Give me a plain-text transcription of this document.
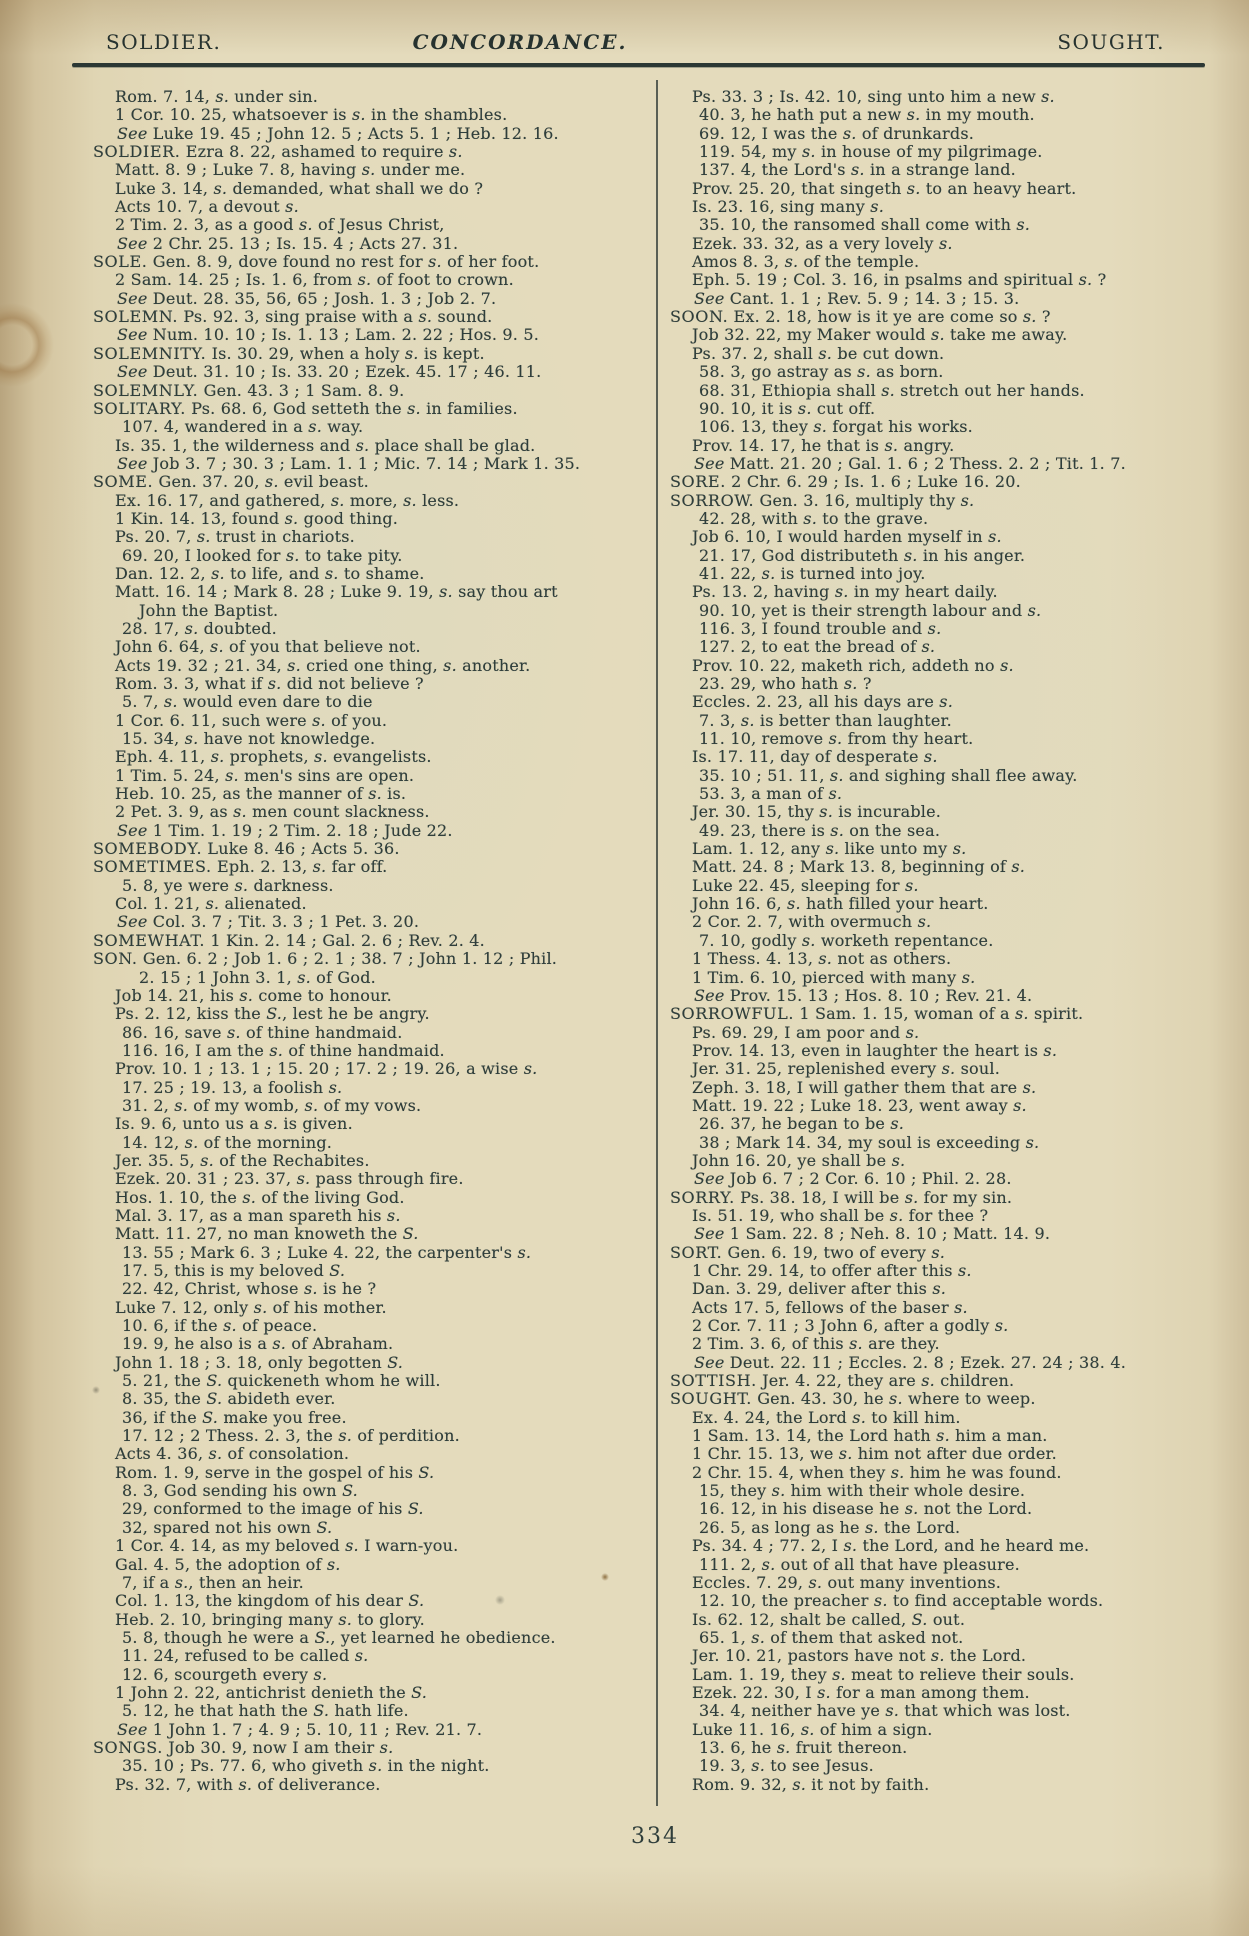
SOLDIER.	CONCORDANCE.	SOUGHT.
Rom. 7. 14, s. under sin.
1 Cor. 10. 25, whatsoever is s. in the shambles.
See Luke 19. 45 ; John 12. 5 ; Acts 5. 1 ; Heb. 12. 16.
SOLDIER. Ezra 8. 22, ashamed to require s.
Matt. 8. 9 ; Luke 7. 8, having s. under me.
Luke 3. 14, s. demanded, what shall we do ?
Acts 10. 7, a devout s.
2 Tim. 2. 3, as a good s. of Jesus Christ,
See 2 Chr. 25. 13 ; Is. 15. 4 ; Acts 27. 31.
SOLE. Gen. 8. 9, dove found no rest for s. of her foot.
2 Sam. 14. 25 ; Is. 1. 6, from s. of foot to crown.
See Deut. 28. 35, 56, 65 ; Josh. 1. 3 ; Job 2. 7.
SOLEMN. Ps. 92. 3, sing praise with a s. sound.
See Num. 10. 10 ; Is. 1. 13 ; Lam. 2. 22 ; Hos. 9. 5.
SOLEMNITY. Is. 30. 29, when a holy s. is kept.
See Deut. 31. 10 ; Is. 33. 20 ; Ezek. 45. 17 ; 46. 11.
SOLEMNLY. Gen. 43. 3 ; 1 Sam. 8. 9.
SOLITARY. Ps. 68. 6, God setteth the s. in families.
107. 4, wandered in a s. way.
Is. 35. 1, the wilderness and s. place shall be glad.
See Job 3. 7 ; 30. 3 ; Lam. 1. 1 ; Mic. 7. 14 ; Mark 1. 35.
SOME. Gen. 37. 20, s. evil beast.
Ex. 16. 17, and gathered, s. more, s. less.
1 Kin. 14. 13, found s. good thing.
Ps. 20. 7, s. trust in chariots.
69. 20, I looked for s. to take pity.
Dan. 12. 2, s. to life, and s. to shame.
Matt. 16. 14 ; Mark 8. 28 ; Luke 9. 19, s. say thou art
John the Baptist.
28. 17, s. doubted.
John 6. 64, s. of you that believe not.
Acts 19. 32 ; 21. 34, s. cried one thing, s. another.
Rom. 3. 3, what if s. did not believe ?
5. 7, s. would even dare to die
1 Cor. 6. 11, such were s. of you.
15. 34, s. have not knowledge.
Eph. 4. 11, s. prophets, s. evangelists.
1 Tim. 5. 24, s. men's sins are open.
Heb. 10. 25, as the manner of s. is.
2 Pet. 3. 9, as s. men count slackness.
See 1 Tim. 1. 19 ; 2 Tim. 2. 18 ; Jude 22.
SOMEBODY. Luke 8. 46 ; Acts 5. 36.
SOMETIMES. Eph. 2. 13, s. far off.
5. 8, ye were s. darkness.
Col. 1. 21, s. alienated.
See Col. 3. 7 ; Tit. 3. 3 ; 1 Pet. 3. 20.
SOMEWHAT. 1 Kin. 2. 14 ; Gal. 2. 6 ; Rev. 2. 4.
SON. Gen. 6. 2 ; Job 1. 6 ; 2. 1 ; 38. 7 ; John 1. 12 ; Phil.
2. 15 ; 1 John 3. 1, s. of God.
Job 14. 21, his s. come to honour.
Ps. 2. 12, kiss the S., lest he be angry.
86. 16, save s. of thine handmaid.
116. 16, I am the s. of thine handmaid.
Prov. 10. 1 ; 13. 1 ; 15. 20 ; 17. 2 ; 19. 26, a wise s.
17. 25 ; 19. 13, a foolish s.
31. 2, s. of my womb, s. of my vows.
Is. 9. 6, unto us a s. is given.
14. 12, s. of the morning.
Jer. 35. 5, s. of the Rechabites.
Ezek. 20. 31 ; 23. 37, s. pass through fire.
Hos. 1. 10, the s. of the living God.
Mal. 3. 17, as a man spareth his s.
Matt. 11. 27, no man knoweth the S.
13. 55 ; Mark 6. 3 ; Luke 4. 22, the carpenter's s.
17. 5, this is my beloved S.
22. 42, Christ, whose s. is he ?
Luke 7. 12, only s. of his mother.
10. 6, if the s. of peace.
19. 9, he also is a s. of Abraham.
John 1. 18 ; 3. 18, only begotten S.
5. 21, the S. quickeneth whom he will.
8. 35, the S. abideth ever.
36, if the S. make you free.
17. 12 ; 2 Thess. 2. 3, the s. of perdition.
Acts 4. 36, s. of consolation.
Rom. 1. 9, serve in the gospel of his S.
8. 3, God sending his own S.
29, conformed to the image of his S.
32, spared not his own S.
1 Cor. 4. 14, as my beloved s. I warn-you.
Gal. 4. 5, the adoption of s.
7, if a s., then an heir.
Col. 1. 13, the kingdom of his dear S.
Heb. 2. 10, bringing many s. to glory.
5. 8, though he were a S., yet learned he obedience.
11. 24, refused to be called s.
12. 6, scourgeth every s.
1 John 2. 22, antichrist denieth the S.
5. 12, he that hath the S. hath life.
See 1 John 1. 7 ; 4. 9 ; 5. 10, 11 ; Rev. 21. 7.
SONGS. Job 30. 9, now I am their s.
35. 10 ; Ps. 77. 6, who giveth s. in the night.
Ps. 32. 7, with s. of deliverance.
Ps. 33. 3 ; Is. 42. 10, sing unto him a new s.
40. 3, he hath put a new s. in my mouth.
69. 12, I was the s. of drunkards.
119. 54, my s. in house of my pilgrimage.
137. 4, the Lord's s. in a strange land.
Prov. 25. 20, that singeth s. to an heavy heart.
Is. 23. 16, sing many s.
35. 10, the ransomed shall come with s.
Ezek. 33. 32, as a very lovely s.
Amos 8. 3, s. of the temple.
Eph. 5. 19 ; Col. 3. 16, in psalms and spiritual s. ?
See Cant. 1. 1 ; Rev. 5. 9 ; 14. 3 ; 15. 3.
SOON. Ex. 2. 18, how is it ye are come so s. ?
Job 32. 22, my Maker would s. take me away.
Ps. 37. 2, shall s. be cut down.
58. 3, go astray as s. as born.
68. 31, Ethiopia shall s. stretch out her hands.
90. 10, it is s. cut off.
106. 13, they s. forgat his works.
Prov. 14. 17, he that is s. angry.
See Matt. 21. 20 ; Gal. 1. 6 ; 2 Thess. 2. 2 ; Tit. 1. 7.
SORE. 2 Chr. 6. 29 ; Is. 1. 6 ; Luke 16. 20.
SORROW. Gen. 3. 16, multiply thy s.
42. 28, with s. to the grave.
Job 6. 10, I would harden myself in s.
21. 17, God distributeth s. in his anger.
41. 22, s. is turned into joy.
Ps. 13. 2, having s. in my heart daily.
90. 10, yet is their strength labour and s.
116. 3, I found trouble and s.
127. 2, to eat the bread of s.
Prov. 10. 22, maketh rich, addeth no s.
23. 29, who hath s. ?
Eccles. 2. 23, all his days are s.
7. 3, s. is better than laughter.
11. 10, remove s. from thy heart.
Is. 17. 11, day of desperate s.
35. 10 ; 51. 11, s. and sighing shall flee away.
53. 3, a man of s.
Jer. 30. 15, thy s. is incurable.
49. 23, there is s. on the sea.
Lam. 1. 12, any s. like unto my s.
Matt. 24. 8 ; Mark 13. 8, beginning of s.
Luke 22. 45, sleeping for s.
John 16. 6, s. hath filled your heart.
2 Cor. 2. 7, with overmuch s.
7. 10, godly s. worketh repentance.
1 Thess. 4. 13, s. not as others.
1 Tim. 6. 10, pierced with many s.
See Prov. 15. 13 ; Hos. 8. 10 ; Rev. 21. 4.
SORROWFUL. 1 Sam. 1. 15, woman of a s. spirit.
Ps. 69. 29, I am poor and s.
Prov. 14. 13, even in laughter the heart is s.
Jer. 31. 25, replenished every s. soul.
Zeph. 3. 18, I will gather them that are s.
Matt. 19. 22 ; Luke 18. 23, went away s.
26. 37, he began to be s.
38 ; Mark 14. 34, my soul is exceeding s.
John 16. 20, ye shall be s.
See Job 6. 7 ; 2 Cor. 6. 10 ; Phil. 2. 28.
SORRY. Ps. 38. 18, I will be s. for my sin.
Is. 51. 19, who shall be s. for thee ?
See 1 Sam. 22. 8 ; Neh. 8. 10 ; Matt. 14. 9.
SORT. Gen. 6. 19, two of every s.
1 Chr. 29. 14, to offer after this s.
Dan. 3. 29, deliver after this s.
Acts 17. 5, fellows of the baser s.
2 Cor. 7. 11 ; 3 John 6, after a godly s.
2 Tim. 3. 6, of this s. are they.
See Deut. 22. 11 ; Eccles. 2. 8 ; Ezek. 27. 24 ; 38. 4.
SOTTISH. Jer. 4. 22, they are s. children.
SOUGHT. Gen. 43. 30, he s. where to weep.
Ex. 4. 24, the Lord s. to kill him.
1 Sam. 13. 14, the Lord hath s. him a man.
1 Chr. 15. 13, we s. him not after due order.
2 Chr. 15. 4, when they s. him he was found.
15, they s. him with their whole desire.
16. 12, in his disease he s. not the Lord.
26. 5, as long as he s. the Lord.
Ps. 34. 4 ; 77. 2, I s. the Lord, and he heard me.
111. 2, s. out of all that have pleasure.
Eccles. 7. 29, s. out many inventions.
12. 10, the preacher s. to find acceptable words.
Is. 62. 12, shalt be called, S. out.
65. 1, s. of them that asked not.
Jer. 10. 21, pastors have not s. the Lord.
Lam. 1. 19, they s. meat to relieve their souls.
Ezek. 22. 30, I s. for a man among them.
34. 4, neither have ye s. that which was lost.
Luke 11. 16, s. of him a sign.
13. 6, he s. fruit thereon.
19. 3, s. to see Jesus.
Rom. 9. 32, s. it not by faith.
334
